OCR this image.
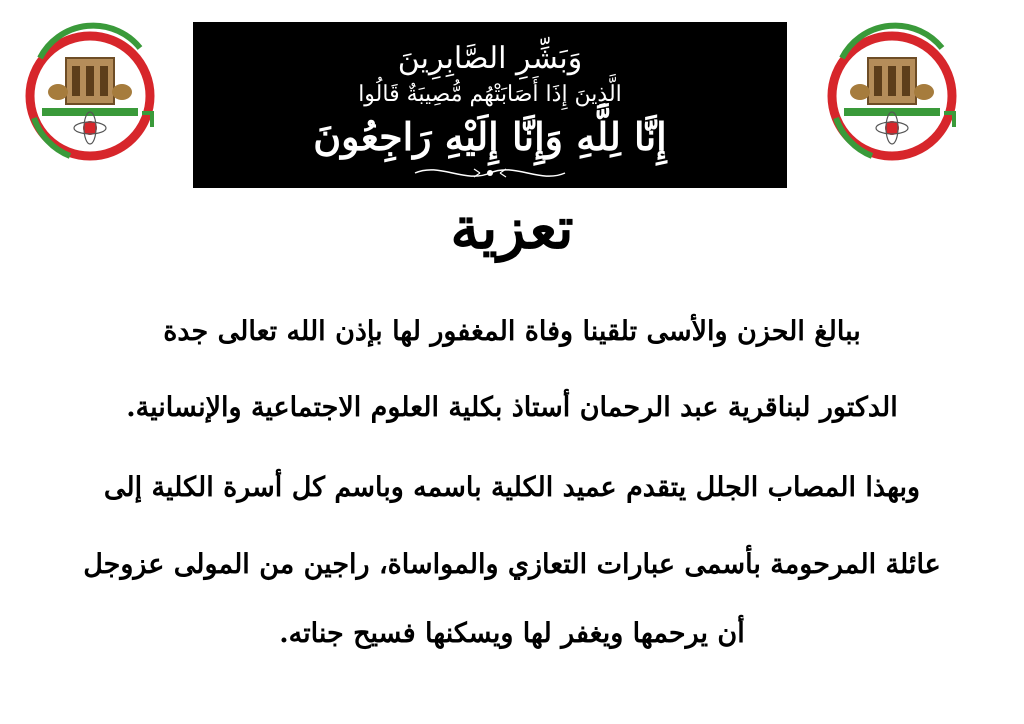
وَبَشِّرِ الصَّابِرِينَ
الَّذِينَ إِذَا أَصَابَتْهُم مُّصِيبَةٌ قَالُوا
إِنَّا لِلَّهِ وَإِنَّا إِلَيْهِ رَاجِعُونَ
تعزية
ببالغ الحزن والأسى تلقينا وفاة المغفور لها بإذن الله تعالى جدة
الدكتور لبناقرية عبد الرحمان أستاذ بكلية العلوم الاجتماعية والإنسانية.
وبهذا المصاب الجلل يتقدم عميد الكلية باسمه وباسم كل أسرة الكلية إلى
عائلة المرحومة بأسمى عبارات التعازي والمواساة، راجين من المولى عزوجل
أن يرحمها ويغفر لها ويسكنها فسيح جناته.
